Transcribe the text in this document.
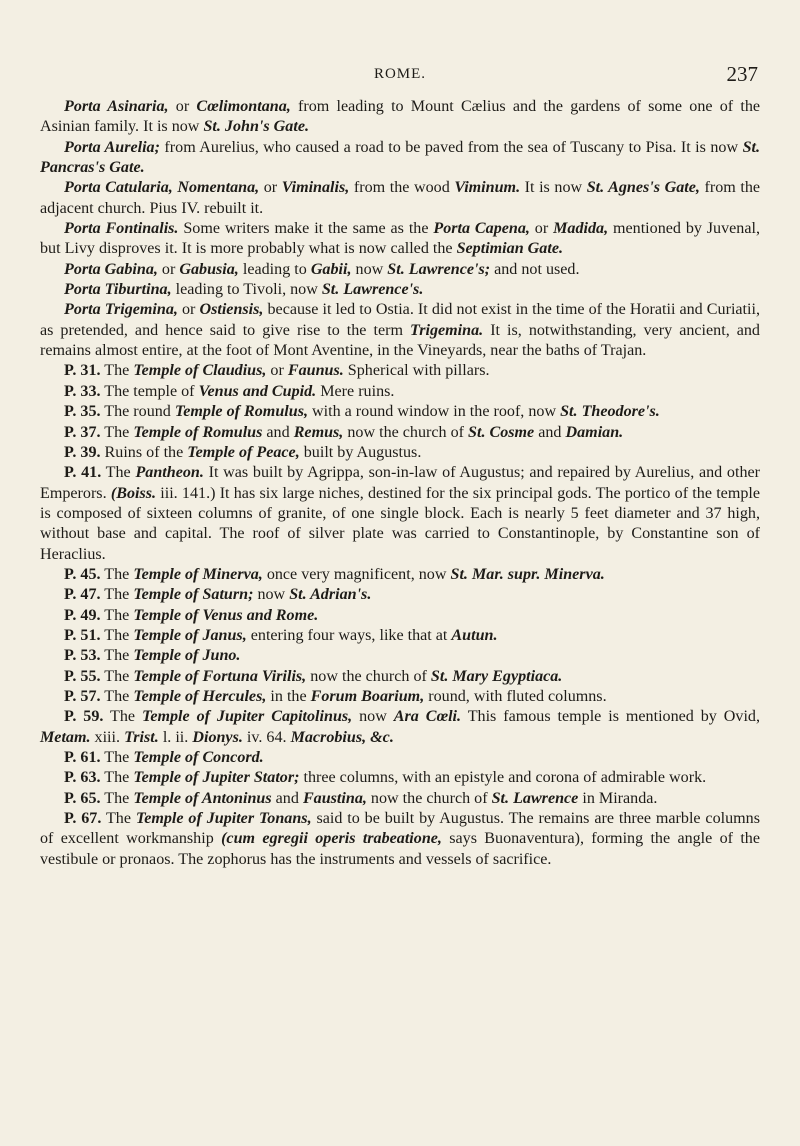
ROME.	237

Porta Asinaria, or Cœlimontana, from leading to Mount Cælius and the gardens of some one of the Asinian family. It is now St. John's Gate.

Porta Aurelia; from Aurelius, who caused a road to be paved from the sea of Tuscany to Pisa. It is now St. Pancras's Gate.

Porta Catularia, Nomentana, or Viminalis, from the wood Viminum. It is now St. Agnes's Gate, from the adjacent church. Pius IV. rebuilt it.

Porta Fontinalis. Some writers make it the same as the Porta Capena, or Madida, mentioned by Juvenal, but Livy disproves it. It is more probably what is now called the Septimian Gate.

Porta Gabina, or Gabusia, leading to Gabii, now St. Lawrence's; and not used.

Porta Tiburtina, leading to Tivoli, now St. Lawrence's.

Porta Trigemina, or Ostiensis, because it led to Ostia. It did not exist in the time of the Horatii and Curiatii, as pretended, and hence said to give rise to the term Trigemina. It is, notwithstanding, very ancient, and remains almost entire, at the foot of Mont Aventine, in the Vineyards, near the baths of Trajan.

P. 31. The Temple of Claudius, or Faunus. Spherical with pillars.

P. 33. The temple of Venus and Cupid. Mere ruins.

P. 35. The round Temple of Romulus, with a round window in the roof, now St. Theodore's.

P. 37. The Temple of Romulus and Remus, now the church of St. Cosme and Damian.

P. 39. Ruins of the Temple of Peace, built by Augustus.

P. 41. The Pantheon. It was built by Agrippa, son-in-law of Augustus; and repaired by Aurelius, and other Emperors. (Boiss. iii. 141.) It has six large niches, destined for the six principal gods. The portico of the temple is composed of sixteen columns of granite, of one single block. Each is nearly 5 feet diameter and 37 high, without base and capital. The roof of silver plate was carried to Constantinople, by Constantine son of Heraclius.

P. 45. The Temple of Minerva, once very magnificent, now St. Mar. supr. Minerva.

P. 47. The Temple of Saturn; now St. Adrian's.

P. 49. The Temple of Venus and Rome.

P. 51. The Temple of Janus, entering four ways, like that at Autun.

P. 53. The Temple of Juno.

P. 55. The Temple of Fortuna Virilis, now the church of St. Mary Egyptiaca.

P. 57. The Temple of Hercules, in the Forum Boarium, round, with fluted columns.

P. 59. The Temple of Jupiter Capitolinus, now Ara Cœli. This famous temple is mentioned by Ovid, Metam. xiii. Trist. l. ii. Dionys. iv. 64. Macrobius, &c.

P. 61. The Temple of Concord.

P. 63. The Temple of Jupiter Stator; three columns, with an epistyle and corona of admirable work.

P. 65. The Temple of Antoninus and Faustina, now the church of St. Lawrence in Miranda.

P. 67. The Temple of Jupiter Tonans, said to be built by Augustus. The remains are three marble columns of excellent workmanship (cum egregii operis trabeatione, says Buonaventura), forming the angle of the vestibule or pronaos. The zophorus has the instruments and vessels of sacrifice.
